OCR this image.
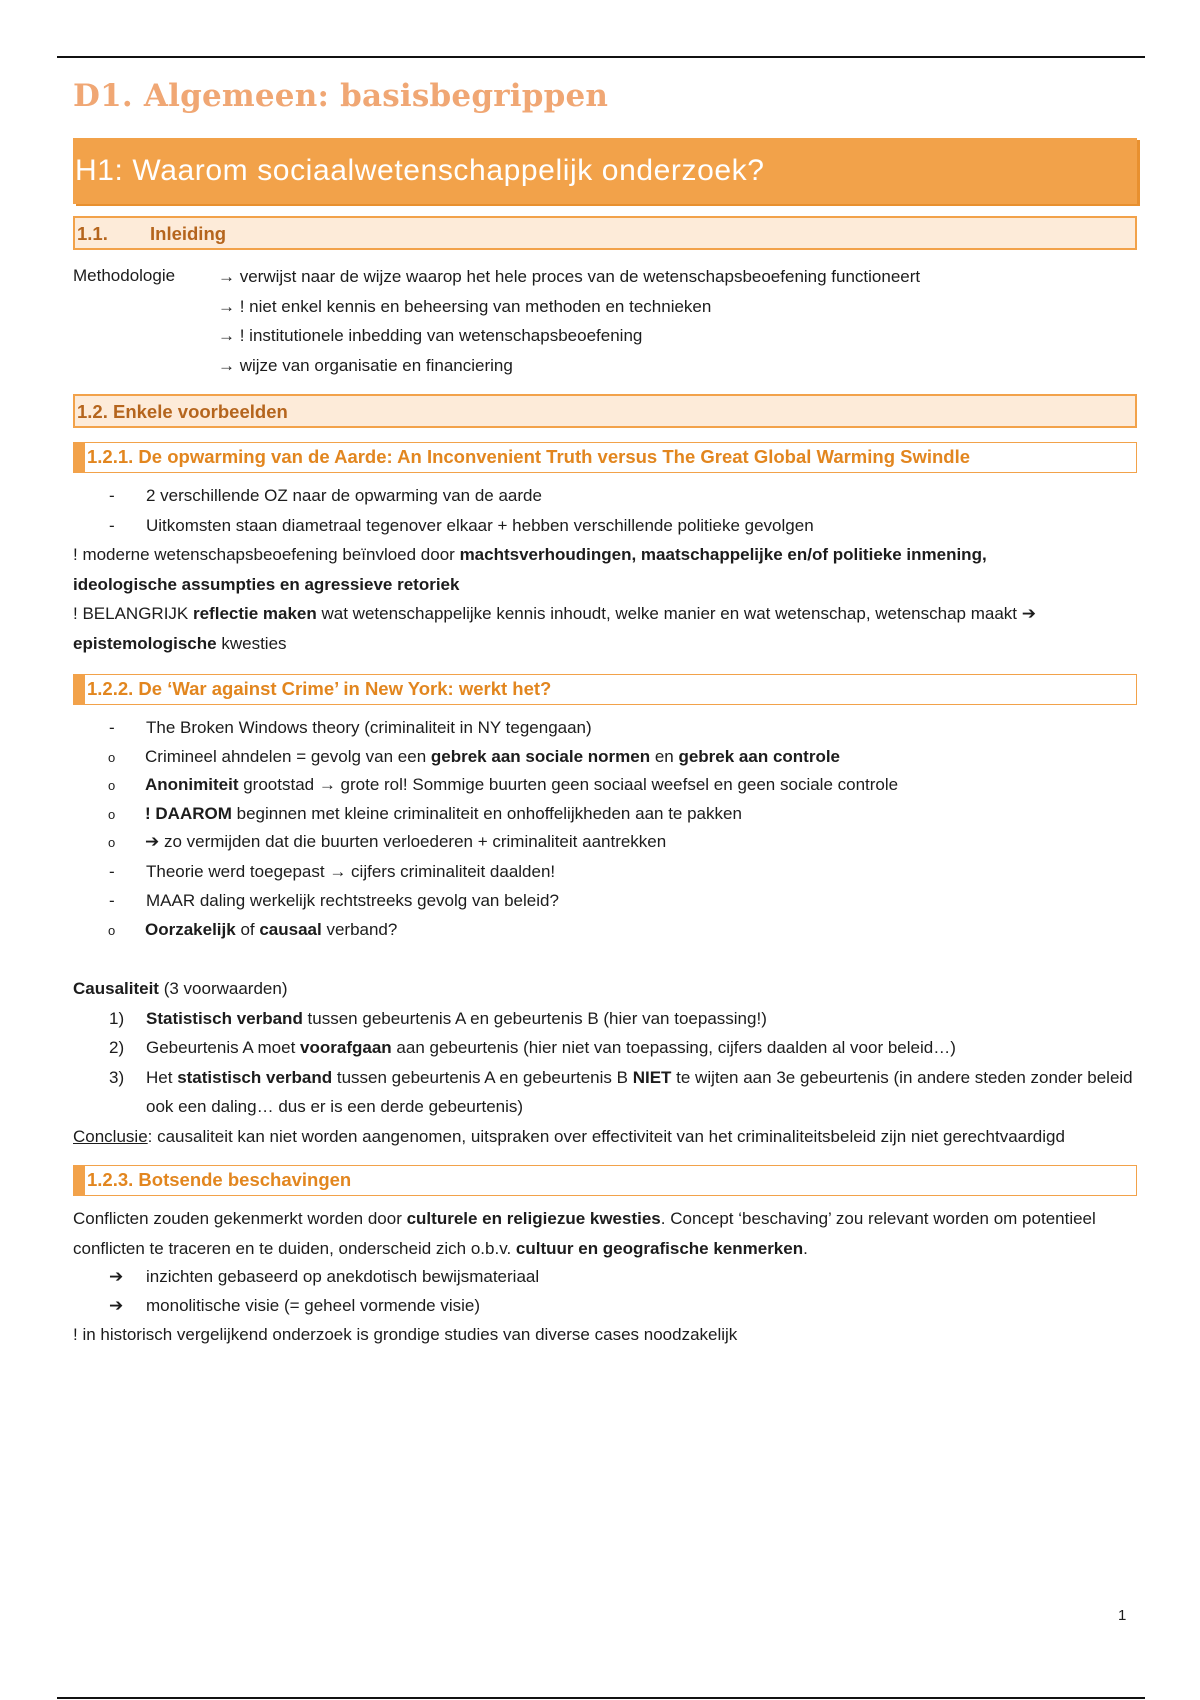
D1. Algemeen: basisbegrippen
H1: Waarom sociaalwetenschappelijk onderzoek?
1.1. Inleiding
Methodologie	→ verwijst naar de wijze waarop het hele proces van de wetenschapsbeoefening functioneert
→ ! niet enkel kennis en beheersing van methoden en technieken
→ ! institutionele inbedding van wetenschapsbeoefening
→ wijze van organisatie en financiering
1.2. Enkele voorbeelden
1.2.1. De opwarming van de Aarde: An Inconvenient Truth versus The Great Global Warming Swindle
- 2 verschillende OZ naar de opwarming van de aarde
- Uitkomsten staan diametraal tegenover elkaar + hebben verschillende politieke gevolgen

! moderne wetenschapsbeoefening beïnvloed door machtsverhoudingen, maatschappelijke en/of politieke inmening,

ideologische assumpties en agressieve retoriek

! BELANGRIJK reflectie maken wat wetenschappelijke kennis inhoudt, welke manier en wat wetenschap, wetenschap maakt ➔

epistemologische kwesties

1.2.2. De ‘War against Crime’ in New York: werkt het?
- The Broken Windows theory (criminaliteit in NY tegengaan)
o Crimineel ahndelen = gevolg van een gebrek aan sociale normen en gebrek aan controle
o Anonimiteit grootstad → grote rol! Sommige buurten geen sociaal weefsel en geen sociale controle
o ! DAAROM beginnen met kleine criminaliteit en onhoffelijkheden aan te pakken
o ➔ zo vermijden dat die buurten verloederen + criminaliteit aantrekken
- Theorie werd toegepast → cijfers criminaliteit daalden!
- MAAR daling werkelijk rechtstreeks gevolg van beleid?
o Oorzakelijk of causaal verband?

Causaliteit (3 voorwaarden)

1) Statistisch verband tussen gebeurtenis A en gebeurtenis B (hier van toepassing!)
2) Gebeurtenis A moet voorafgaan aan gebeurtenis (hier niet van toepassing, cijfers daalden al voor beleid…)
3) Het statistisch verband tussen gebeurtenis A en gebeurtenis B NIET te wijten aan 3e gebeurtenis (in andere steden zonder beleid ook een daling… dus er is een derde gebeurtenis)

Conclusie: causaliteit kan niet worden aangenomen, uitspraken over effectiviteit van het criminaliteitsbeleid zijn niet gerechtvaardigd

1.2.3. Botsende beschavingen

Conflicten zouden gekenmerkt worden door culturele en religiezue kwesties. Concept ‘beschaving’ zou relevant worden om potentieel conflicten te traceren en te duiden, onderscheid zich o.b.v. cultuur en geografische kenmerken.

➔ inzichten gebaseerd op anekdotisch bewijsmateriaal
➔ monolitische visie (= geheel vormende visie)

! in historisch vergelijkend onderzoek is grondige studies van diverse cases noodzakelijk

1
